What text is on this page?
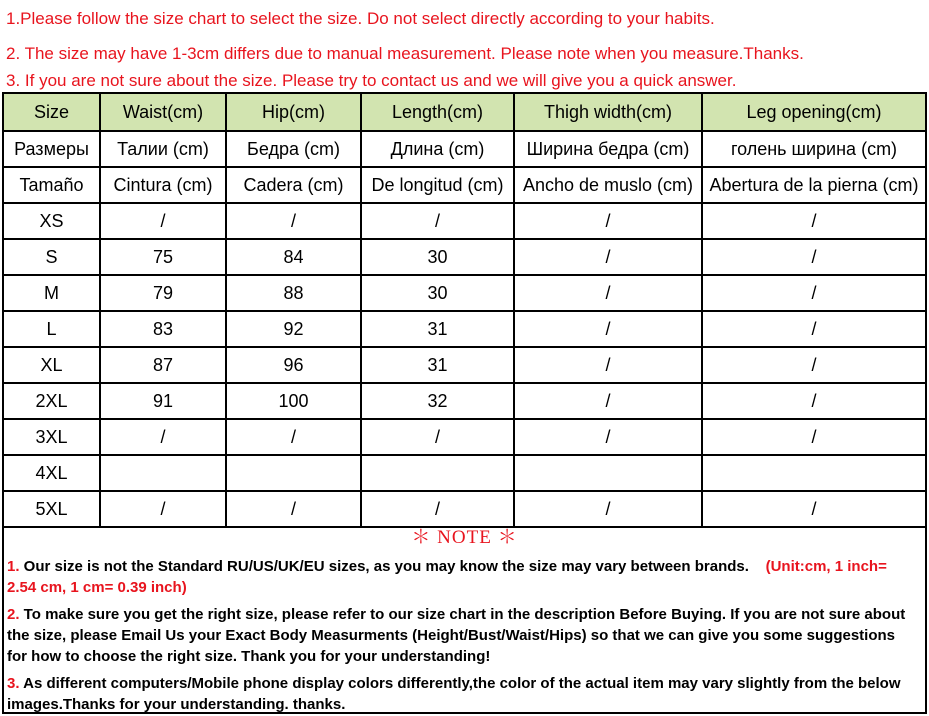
1.Please follow the size chart to select the size. Do not select directly according to your habits.
2. The size may have 1-3cm differs due to manual measurement. Please note when you measure.Thanks.
3. If you are not sure about the size. Please try to contact us and we will give you a quick answer.
Size	Waist(cm)	Hip(cm)	Length(cm)	Thigh width(cm)	Leg opening(cm)
Размеры	Талии (cm)	Бедра (cm)	Длина (cm)	Ширина бедра (cm)	голень ширина (cm)
Tamaño	Cintura (cm)	Cadera (cm)	De longitud (cm)	Ancho de muslo (cm)	Abertura de la pierna (cm)
XS	/	/	/	/	/
S	75	84	30	/	/
M	79	88	30	/	/
L	83	92	31	/	/
XL	87	96	31	/	/
2XL	91	100	32	/	/
3XL	/	/	/	/	/
4XL					
5XL	/	/	/	/	/
＊ NOTE ＊
1. Our size is not the Standard RU/US/UK/EU sizes, as you may know the size may vary between brands. (Unit:cm, 1 inch= 2.54 cm, 1 cm= 0.39 inch)
2. To make sure you get the right size, please refer to our size chart in the description Before Buying. If you are not sure about the size, please Email Us your Exact Body Measurments (Height/Bust/Waist/Hips) so that we can give you some suggestions for how to choose the right size. Thank you for your understanding!
3. As different computers/Mobile phone display colors differently,the color of the actual item may vary slightly from the below images.Thanks for your understanding. thanks.
